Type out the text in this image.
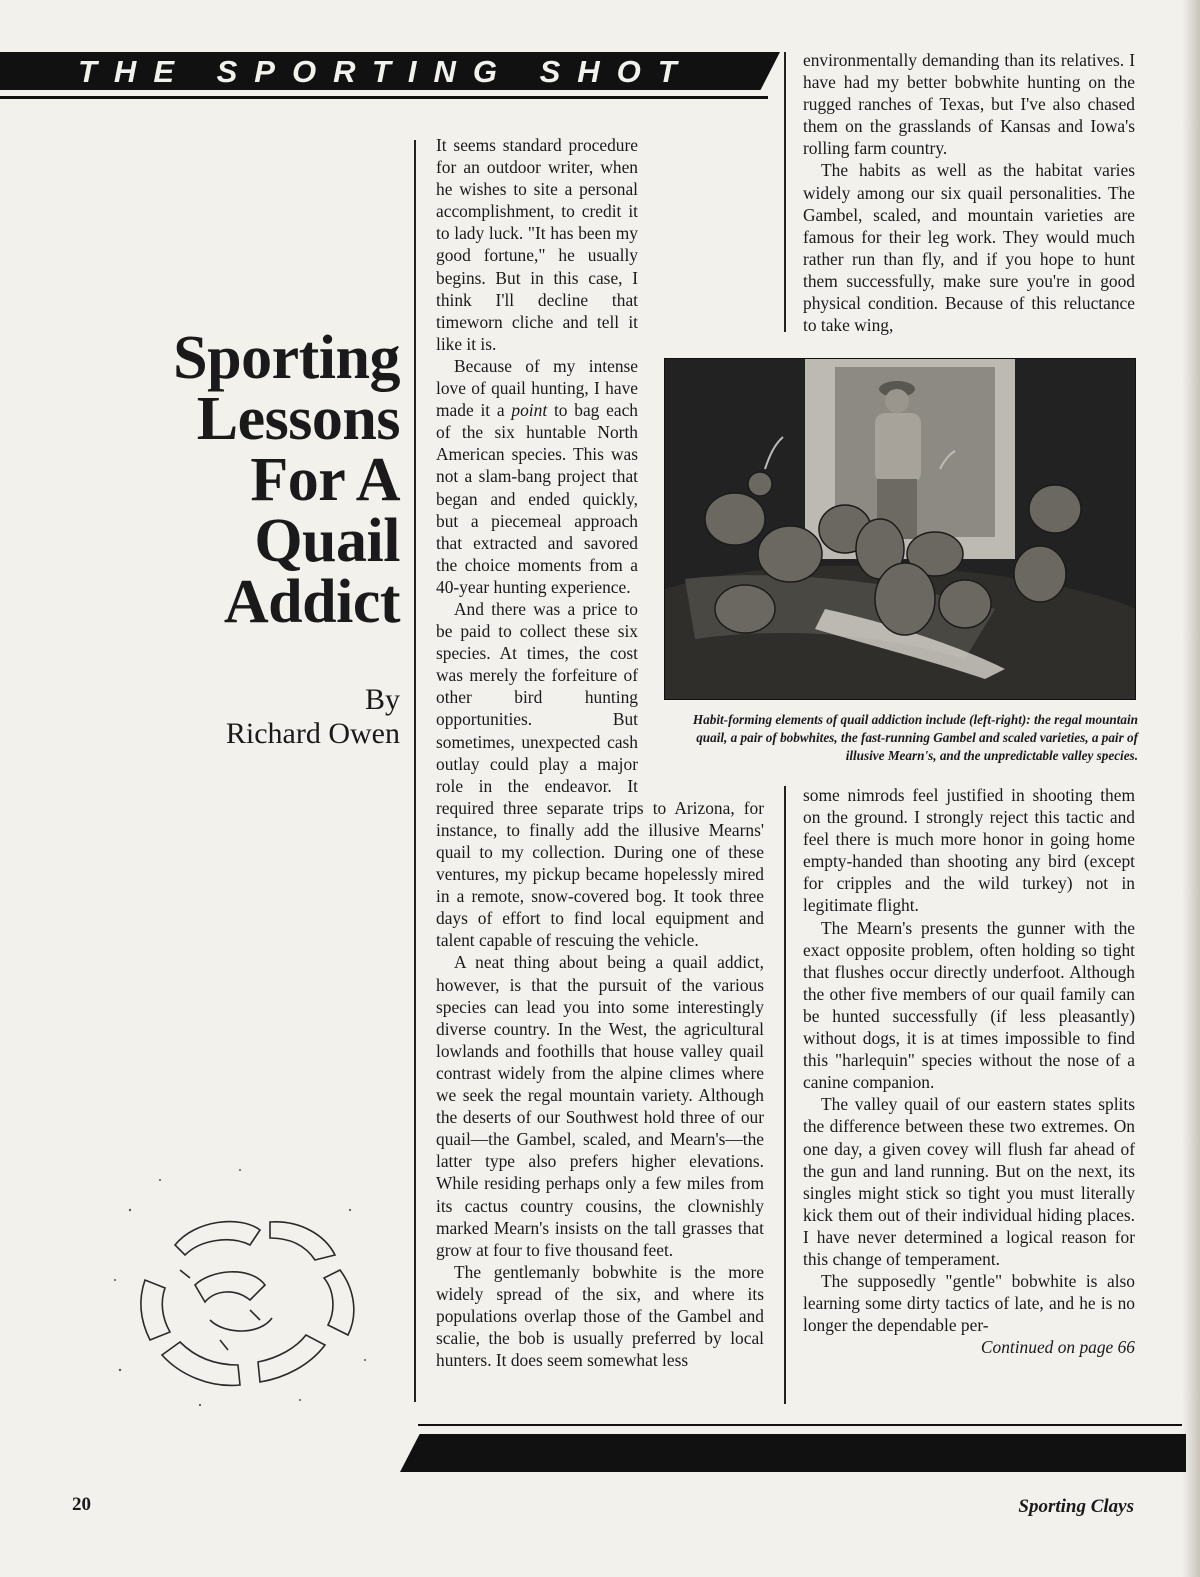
THE SPORTING SHOT
Sporting
Lessons
For A
Quail
Addict
By
Richard Owen

It seems standard procedure for an outdoor writer, when he wishes to site a personal accomplishment, to credit it to lady luck. "It has been my good fortune," he usually begins. But in this case, I think I'll decline that timeworn cliche and tell it like it is.

Because of my intense love of quail hunting, I have made it a point to bag each of the six huntable North American species. This was not a slam-bang project that began and ended quickly, but a piecemeal approach that extracted and savored the choice moments from a 40-year hunting experience.

And there was a price to be paid to collect these six species. At times, the cost was merely the forfeiture of other bird hunting opportunities. But sometimes, unexpected cash outlay could play a major role in the endeavor. It required three separate trips to Arizona, for instance, to finally add the illusive Mearns' quail to my collection. During one of these ventures, my pickup became hopelessly mired in a remote, snow-covered bog. It took three days of effort to find local equipment and talent capable of rescuing the vehicle.

A neat thing about being a quail addict, however, is that the pursuit of the various species can lead you into some interestingly diverse country. In the West, the agricultural lowlands and foothills that house valley quail contrast widely from the alpine climes where we seek the regal mountain variety. Although the deserts of our Southwest hold three of our quail—the Gambel, scaled, and Mearn's—the latter type also prefers higher elevations. While residing perhaps only a few miles from its cactus country cousins, the clownishly marked Mearn's insists on the tall grasses that grow at four to five thousand feet.

The gentlemanly bobwhite is the more widely spread of the six, and where its populations overlap those of the Gambel and scalie, the bob is usually preferred by local hunters. It does seem somewhat less

environmentally demanding than its relatives. I have had my better bobwhite hunting on the rugged ranches of Texas, but I've also chased them on the grasslands of Kansas and Iowa's rolling farm country.

The habits as well as the habitat varies widely among our six quail personalities. The Gambel, scaled, and mountain varieties are famous for their leg work. They would much rather run than fly, and if you hope to hunt them successfully, make sure you're in good physical condition. Because of this reluctance to take wing,

Habit-forming elements of quail addiction include (left-right): the regal mountain quail, a pair of bobwhites, the fast-running Gambel and scaled varieties, a pair of illusive Mearn's, and the unpredictable valley species.

some nimrods feel justified in shooting them on the ground. I strongly reject this tactic and feel there is much more honor in going home empty-handed than shooting any bird (except for cripples and the wild turkey) not in legitimate flight.

The Mearn's presents the gunner with the exact opposite problem, often holding so tight that flushes occur directly underfoot. Although the other five members of our quail family can be hunted successfully (if less pleasantly) without dogs, it is at times impossible to find this "harlequin" species without the nose of a canine companion.

The valley quail of our eastern states splits the difference between these two extremes. On one day, a given covey will flush far ahead of the gun and land running. But on the next, its singles might stick so tight you must literally kick them out of their individual hiding places. I have never determined a logical reason for this change of temperament.

The supposedly "gentle" bobwhite is also learning some dirty tactics of late, and he is no longer the dependable per-

Continued on page 66
20	Sporting Clays
